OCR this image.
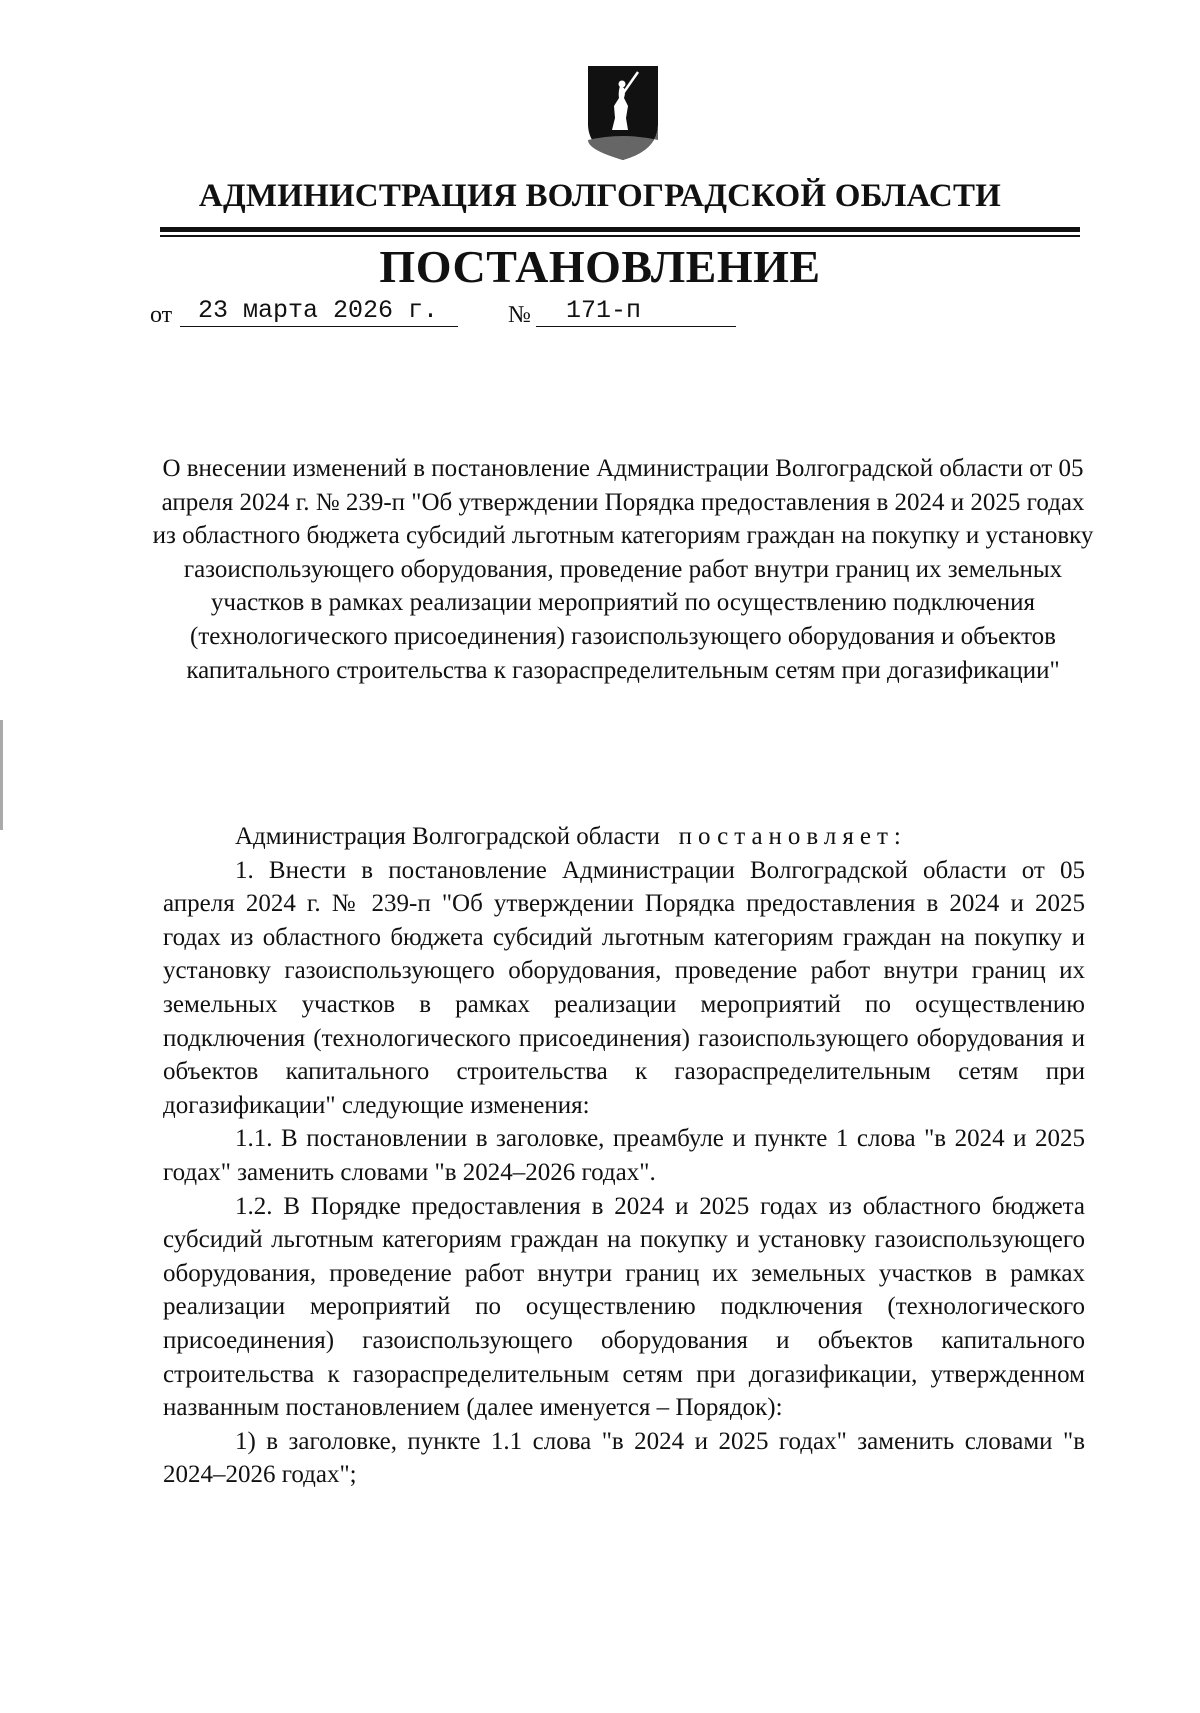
АДМИНИСТРАЦИЯ ВОЛГОГРАДСКОЙ ОБЛАСТИ
ПОСТАНОВЛЕНИЕ
от	23 марта 2026 г.	№	171-п
О внесении изменений в постановление Администрации Волгоградской области от 05 апреля 2024 г. № 239-п "Об утверждении Порядка предоставления в 2024 и 2025 годах из областного бюджета субсидий льготным категориям граждан на покупку и установку газоиспользующего оборудования, проведение работ внутри границ их земельных участков в рамках реализации мероприятий по осуществлению подключения (технологического присоединения) газоиспользующего оборудования и объектов капитального строительства к газораспределительным сетям при догазификации"

Администрация Волгоградской области постановляет:

1. Внести в постановление Администрации Волгоградской области от 05 апреля 2024 г. № 239-п "Об утверждении Порядка предоставления в 2024 и 2025 годах из областного бюджета субсидий льготным категориям граждан на покупку и установку газоиспользующего оборудования, проведение работ внутри границ их земельных участков в рамках реализации мероприятий по осуществлению подключения (технологического присоединения) газоиспользующего оборудования и объектов капитального строительства к газораспределительным сетям при догазификации" следующие изменения:

1.1. В постановлении в заголовке, преамбуле и пункте 1 слова "в 2024 и 2025 годах" заменить словами "в 2024–2026 годах".

1.2. В Порядке предоставления в 2024 и 2025 годах из областного бюджета субсидий льготным категориям граждан на покупку и установку газоиспользующего оборудования, проведение работ внутри границ их земельных участков в рамках реализации мероприятий по осуществлению подключения (технологического присоединения) газоиспользующего оборудования и объектов капитального строительства к газораспределительным сетям при догазификации, утвержденном названным постановлением (далее именуется – Порядок):

1) в заголовке, пункте 1.1 слова "в 2024 и 2025 годах" заменить словами "в 2024–2026 годах";
